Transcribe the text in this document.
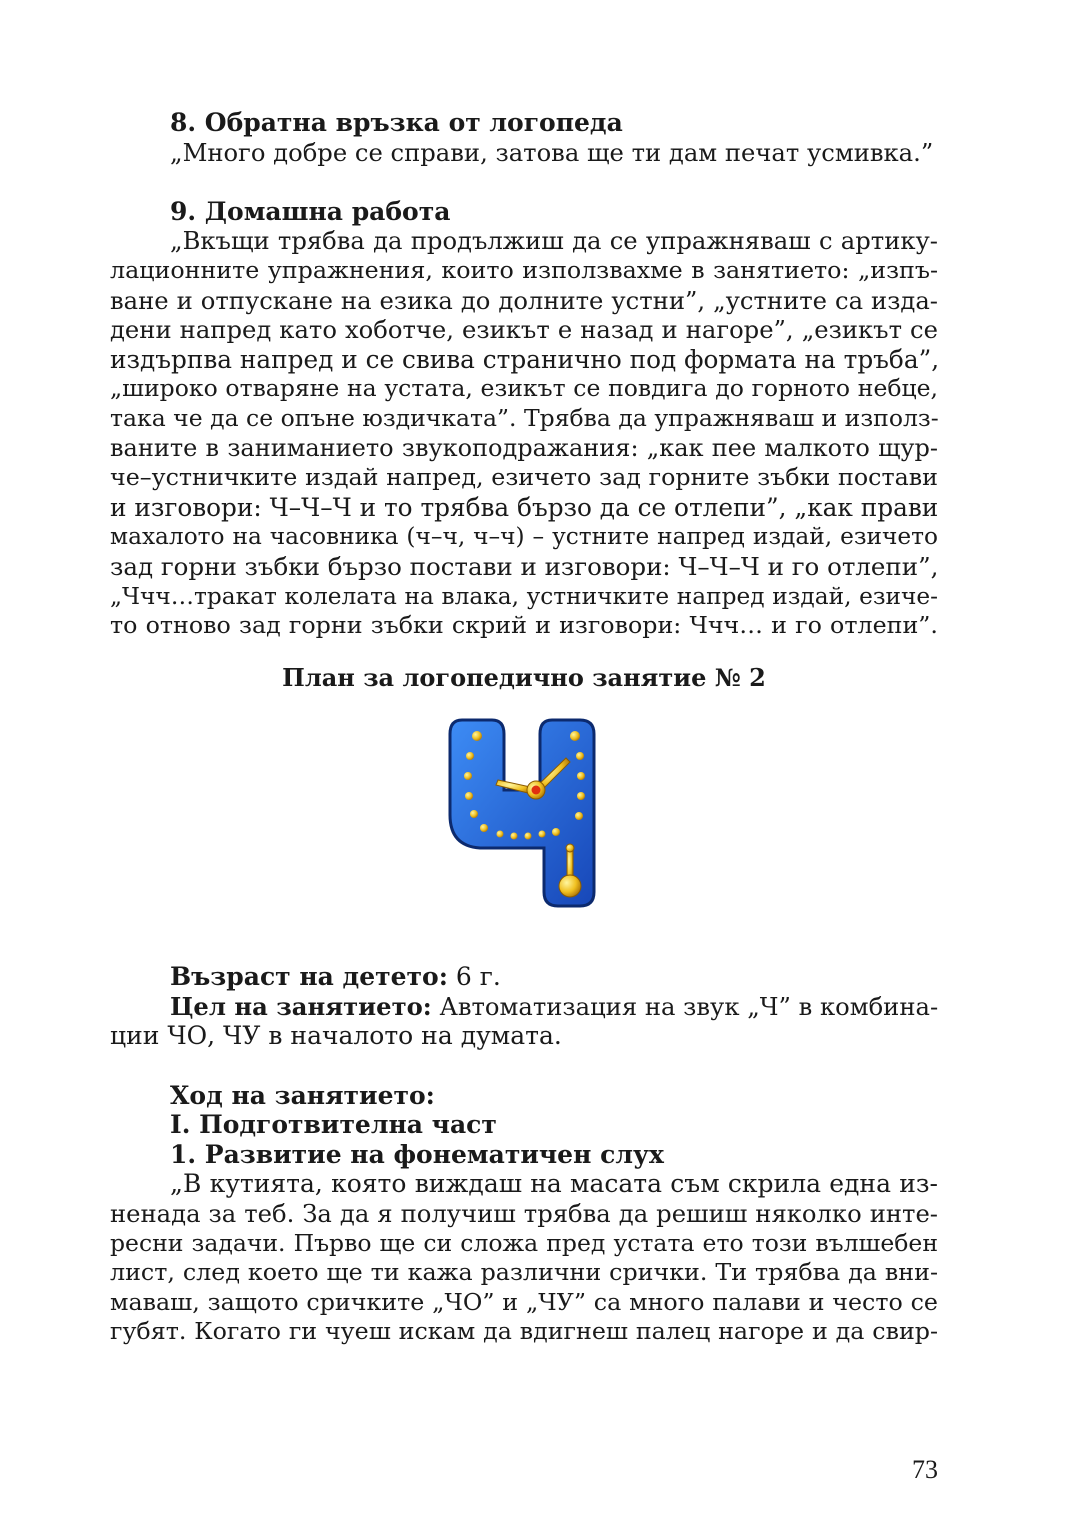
8. Обратна връзка от логопеда
„Много добре се справи, затова ще ти дам печат усмивка.”
9. Домашна работа
„Вкъщи трябва да продължиш да се упражняваш с артику-
лационните упражнения, които използвахме в занятието: „изпъ-
ване и отпускане на езика до долните устни”, „устните са изда-
дени напред като хоботче, езикът е назад и нагоре”, „езикът се
издърпва напред и се свива странично под формата на тръба”,
„широко отваряне на устата, езикът се повдига до горното небце,
така че да се опъне юздичката”. Трябва да упражняваш и използ-
ваните в заниманието звукоподражания: „как пее малкото щур-
че–устничките издай напред, езичето зад горните зъбки постави
и изговори: Ч–Ч–Ч и то трябва бързо да се отлепи”, „как прави
махалото на часовника (ч–ч, ч–ч) – устните напред издай, езичето
зад горни зъбки бързо постави и изговори: Ч–Ч–Ч и го отлепи”,
„Ччч…тракат колелата на влака, устничките напред издай, езиче-
то отново зад горни зъбки скрий и изговори: Ччч… и го отлепи”.
План за логопедично занятие № 2
Възраст на детето: 6 г.
Цел на занятието: Автоматизация на звук „Ч” в комбина-
ции ЧО, ЧУ в началото на думата.
Ход на занятието:
I. Подготвителна част
1. Развитие на фонематичен слух
„В кутията, която виждаш на масата съм скрила една из-
ненада за теб. За да я получиш трябва да решиш няколко инте-
ресни задачи. Първо ще си сложа пред устата ето този вълшебен
лист, след което ще ти кажа различни срички. Ти трябва да вни-
маваш, защото сричките „ЧО” и „ЧУ” са много палави и често се
губят. Когато ги чуеш искам да вдигнеш палец нагоре и да свир-
73
